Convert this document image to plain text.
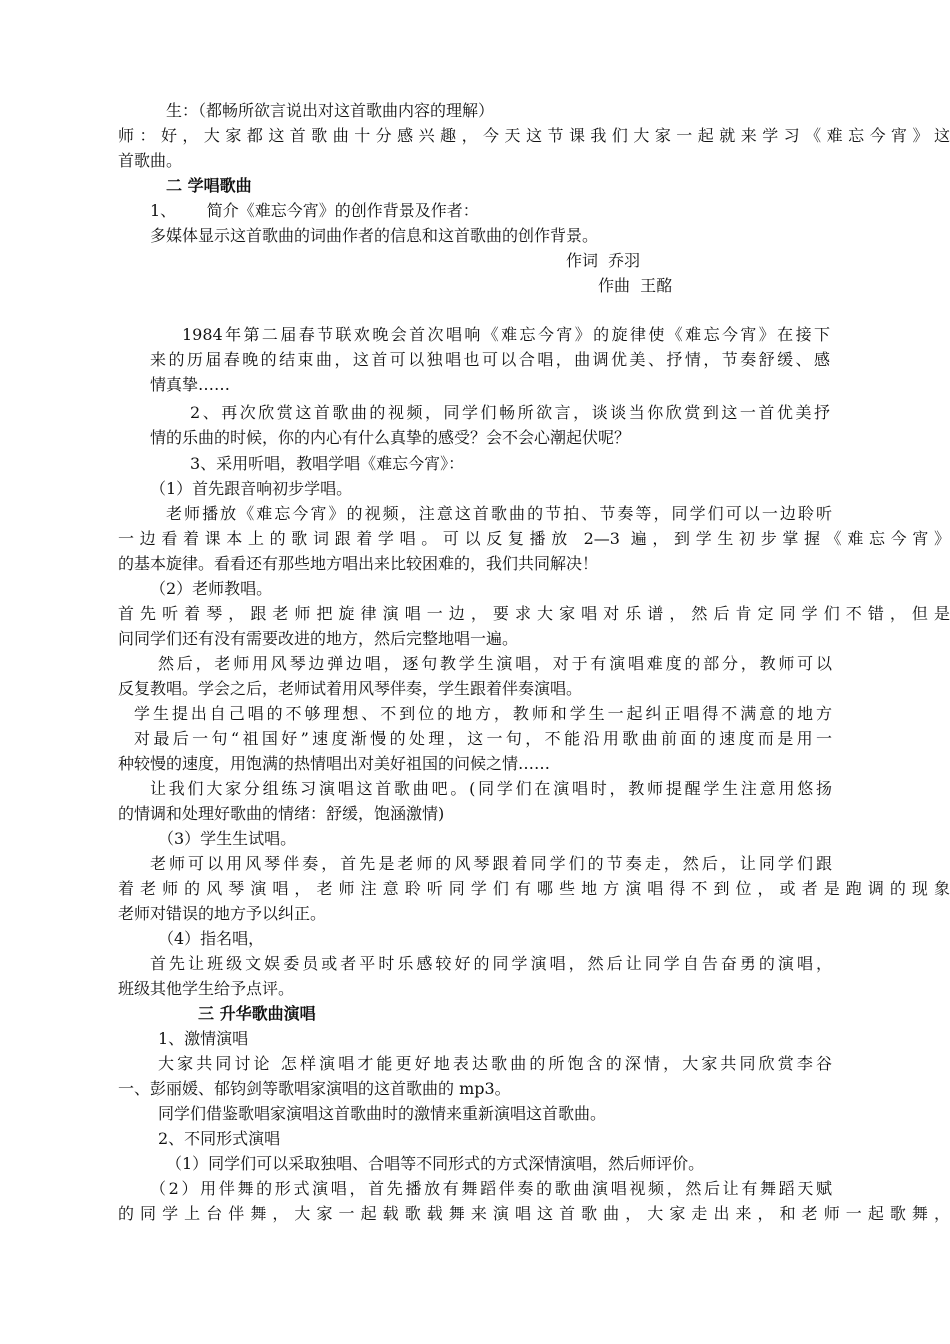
生：（都畅所欲言说出对这首歌曲内容的理解）
师：好，大家都这首歌曲十分感兴趣，今天这节课我们大家一起就来学习《难忘今宵》这
首歌曲。
二 学唱歌曲
1、      简介《难忘今宵》的创作背景及作者：
多媒体显示这首歌曲的词曲作者的信息和这首歌曲的创作背景。
作词  乔羽
作曲  王酩
1984年第二届春节联欢晚会首次唱响《难忘今宵》的旋律使《难忘今宵》在接下
来的历届春晚的结束曲，这首可以独唱也可以合唱，曲调优美、抒情，节奏舒缓、感
情真挚……
2、再次欣赏这首歌曲的视频，同学们畅所欲言，谈谈当你欣赏到这一首优美抒
情的乐曲的时候，你的内心有什么真挚的感受？会不会心潮起伏呢？
3、采用听唱，教唱学唱《难忘今宵》：
（1）首先跟音响初步学唱。
老师播放《难忘今宵》的视频，注意这首歌曲的节拍、节奏等，同学们可以一边聆听
一边看着课本上的歌词跟着学唱。可以反复播放 2—3 遍，到学生初步掌握《难忘今宵》
的基本旋律。看看还有那些地方唱出来比较困难的，我们共同解决！
（2）老师教唱。
首先听着琴，跟老师把旋律演唱一边，要求大家唱对乐谱，然后肯定同学们不错，但是
问同学们还有没有需要改进的地方，然后完整地唱一遍。
然后，老师用风琴边弹边唱，逐句教学生演唱，对于有演唱难度的部分，教师可以
反复教唱。学会之后，老师试着用风琴伴奏，学生跟着伴奏演唱。
学生提出自己唱的不够理想、不到位的地方，教师和学生一起纠正唱得不满意的地方
对最后一句“祖国好”速度渐慢的处理，这一句，不能沿用歌曲前面的速度而是用一
种较慢的速度，用饱满的热情唱出对美好祖国的问候之情……
让我们大家分组练习演唱这首歌曲吧。(同学们在演唱时，教师提醒学生注意用悠扬
的情调和处理好歌曲的情绪：舒缓，饱涵激情)
（3）学生生试唱。
老师可以用风琴伴奏，首先是老师的风琴跟着同学们的节奏走，然后，让同学们跟
着老师的风琴演唱，老师注意聆听同学们有哪些地方演唱得不到位，或者是跑调的现象
老师对错误的地方予以纠正。
（4）指名唱，
首先让班级文娱委员或者平时乐感较好的同学演唱，然后让同学自告奋勇的演唱，
班级其他学生给予点评。
三 升华歌曲演唱
1、激情演唱
大家共同讨论 怎样演唱才能更好地表达歌曲的所饱含的深情，大家共同欣赏李谷
一、彭丽媛、郁钧剑等歌唱家演唱的这首歌曲的 mp3。
同学们借鉴歌唱家演唱这首歌曲时的激情来重新演唱这首歌曲。
2、不同形式演唱
（1）同学们可以采取独唱、合唱等不同形式的方式深情演唱，然后师评价。
（2）用伴舞的形式演唱，首先播放有舞蹈伴奏的歌曲演唱视频，然后让有舞蹈天赋
的同学上台伴舞，大家一起载歌载舞来演唱这首歌曲，大家走出来，和老师一起歌舞，
